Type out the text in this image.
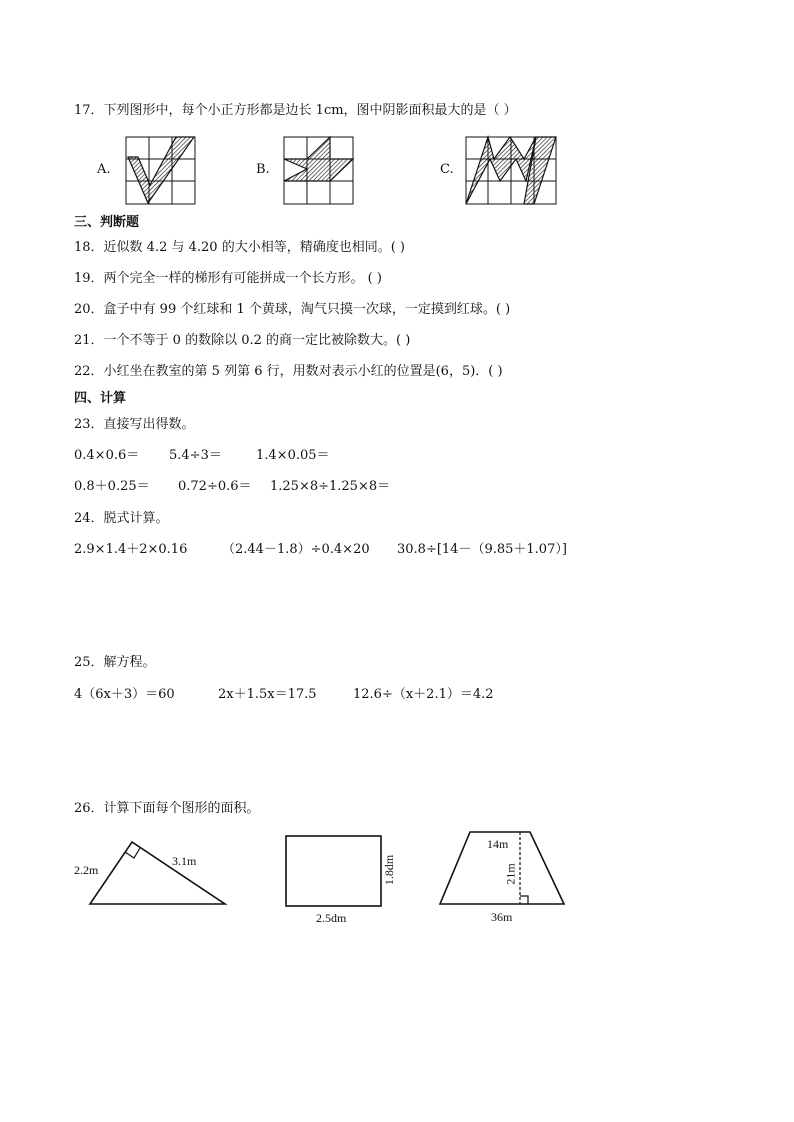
17．下列图形中，每个小正方形都是边长 1cm，图中阴影面积最大的是（ ）
A.	B.	C.
三、判断题
18．近似数 4.2 与 4.20 的大小相等，精确度也相同。( )
19．两个完全一样的梯形有可能拼成一个长方形。 ( )
20．盒子中有 99 个红球和 1 个黄球，淘气只摸一次球，一定摸到红球。( )
21．一个不等于 0 的数除以 0.2 的商一定比被除数大。( )
22．小红坐在教室的第 5 列第 6 行，用数对表示小红的位置是(6，5)．( )
四、计算
23．直接写出得数。
0.4×0.6＝ 5.4÷3＝	1.4×0.05＝
0.8＋0.25＝ 0.72÷0.6＝ 1.25×8÷1.25×8＝
24．脱式计算。
2.9×1.4＋2×0.16	（2.44－1.8）÷0.4×20 30.8÷[14－（9.85＋1.07）]
25．解方程。
4（6x＋3）＝60	2x＋1.5x＝17.5	12.6÷（x＋2.1）＝4.2
26．计算下面每个图形的面积。
2.2m
3.1m	1.8dm
2.5dm
14m
21m
36m
